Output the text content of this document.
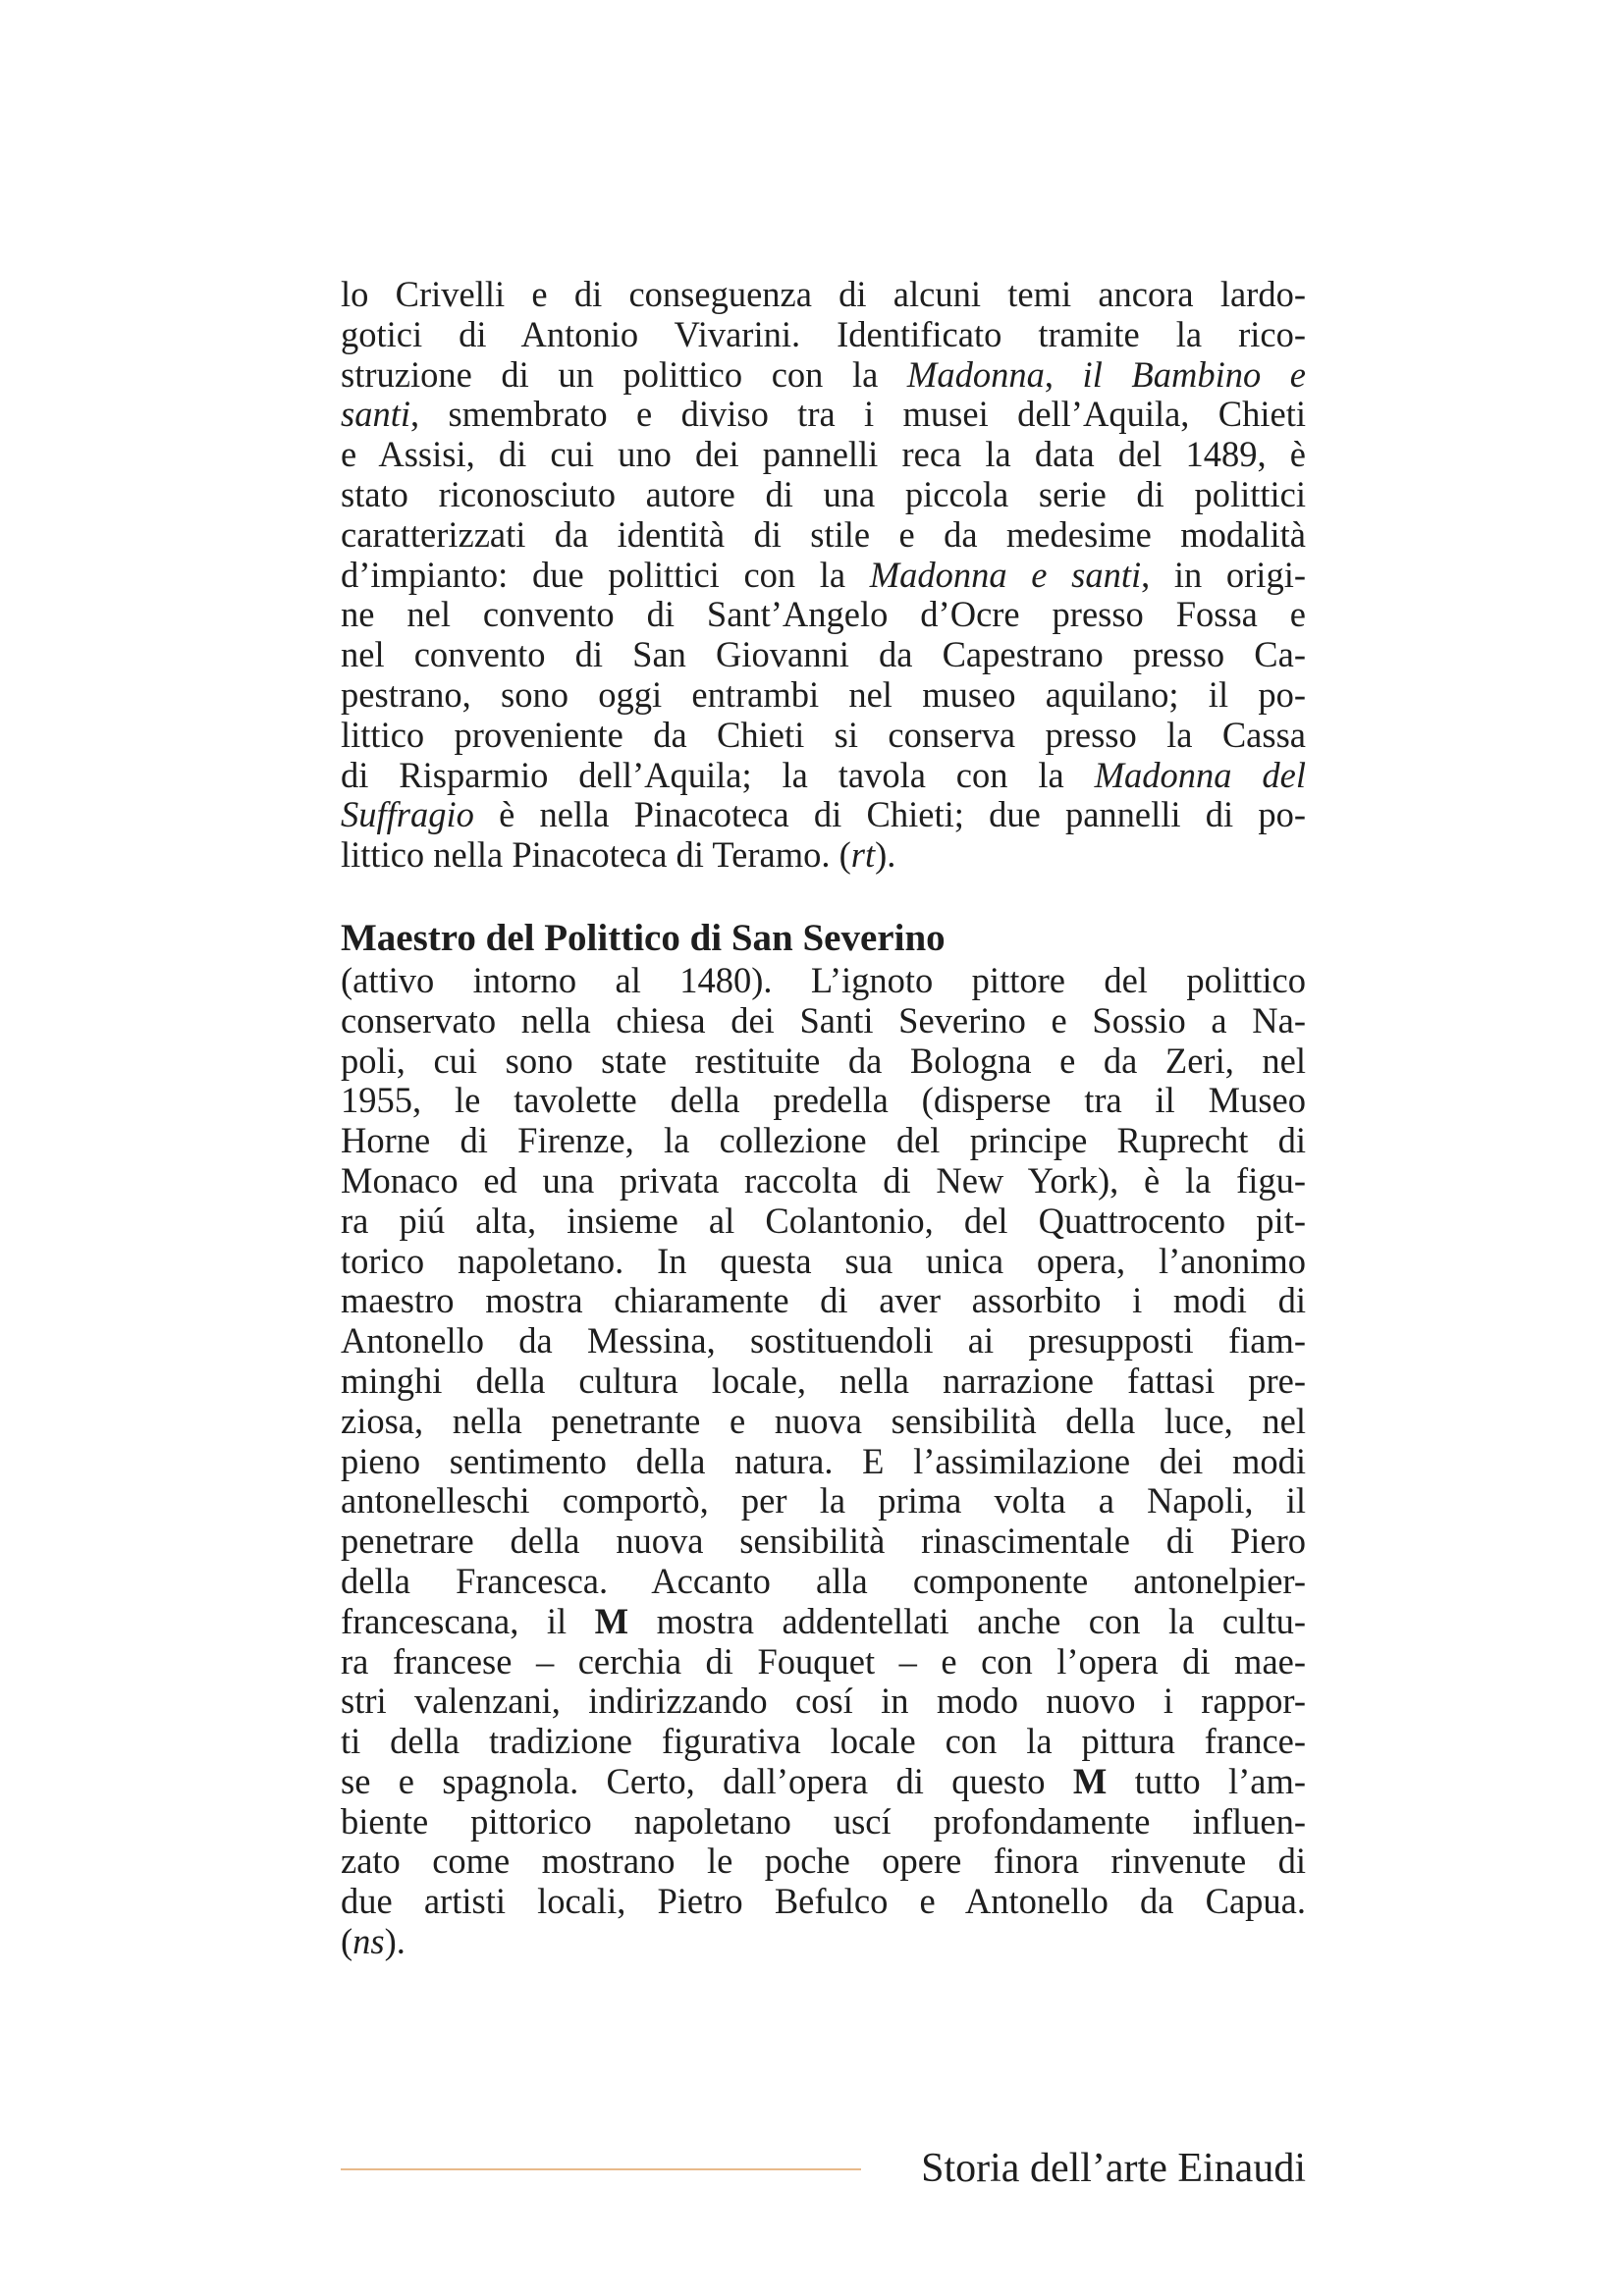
lo Crivelli e di conseguenza di alcuni temi ancora lardo-
gotici di Antonio Vivarini. Identificato tramite la rico-
struzione di un polittico con la Madonna, il Bambino e
santi, smembrato e diviso tra i musei dell’Aquila, Chieti
e Assisi, di cui uno dei pannelli reca la data del 1489, è
stato riconosciuto autore di una piccola serie di polittici
caratterizzati da identità di stile e da medesime modalità
d’impianto: due polittici con la Madonna e santi, in origi-
ne nel convento di Sant’Angelo d’Ocre presso Fossa e
nel convento di San Giovanni da Capestrano presso Ca-
pestrano, sono oggi entrambi nel museo aquilano; il po-
littico proveniente da Chieti si conserva presso la Cassa
di Risparmio dell’Aquila; la tavola con la Madonna del
Suffragio è nella Pinacoteca di Chieti; due pannelli di po-
littico nella Pinacoteca di Teramo. (rt).

Maestro del Polittico di San Severino

(attivo intorno al 1480). L’ignoto pittore del polittico
conservato nella chiesa dei Santi Severino e Sossio a Na-
poli, cui sono state restituite da Bologna e da Zeri, nel
1955, le tavolette della predella (disperse tra il Museo
Horne di Firenze, la collezione del principe Ruprecht di
Monaco ed una privata raccolta di New York), è la figu-
ra piú alta, insieme al Colantonio, del Quattrocento pit-
torico napoletano. In questa sua unica opera, l’anonimo
maestro mostra chiaramente di aver assorbito i modi di
Antonello da Messina, sostituendoli ai presupposti fiam-
minghi della cultura locale, nella narrazione fattasi pre-
ziosa, nella penetrante e nuova sensibilità della luce, nel
pieno sentimento della natura. E l’assimilazione dei modi
antonelleschi comportò, per la prima volta a Napoli, il
penetrare della nuova sensibilità rinascimentale di Piero
della Francesca. Accanto alla componente antonelpier-
francescana, il M mostra addentellati anche con la cultu-
ra francese – cerchia di Fouquet – e con l’opera di mae-
stri valenzani, indirizzando cosí in modo nuovo i rappor-
ti della tradizione figurativa locale con la pittura france-
se e spagnola. Certo, dall’opera di questo M tutto l’am-
biente pittorico napoletano uscí profondamente influen-
zato come mostrano le poche opere finora rinvenute di
due artisti locali, Pietro Befulco e Antonello da Capua.
(ns).

Storia dell’arte Einaudi
